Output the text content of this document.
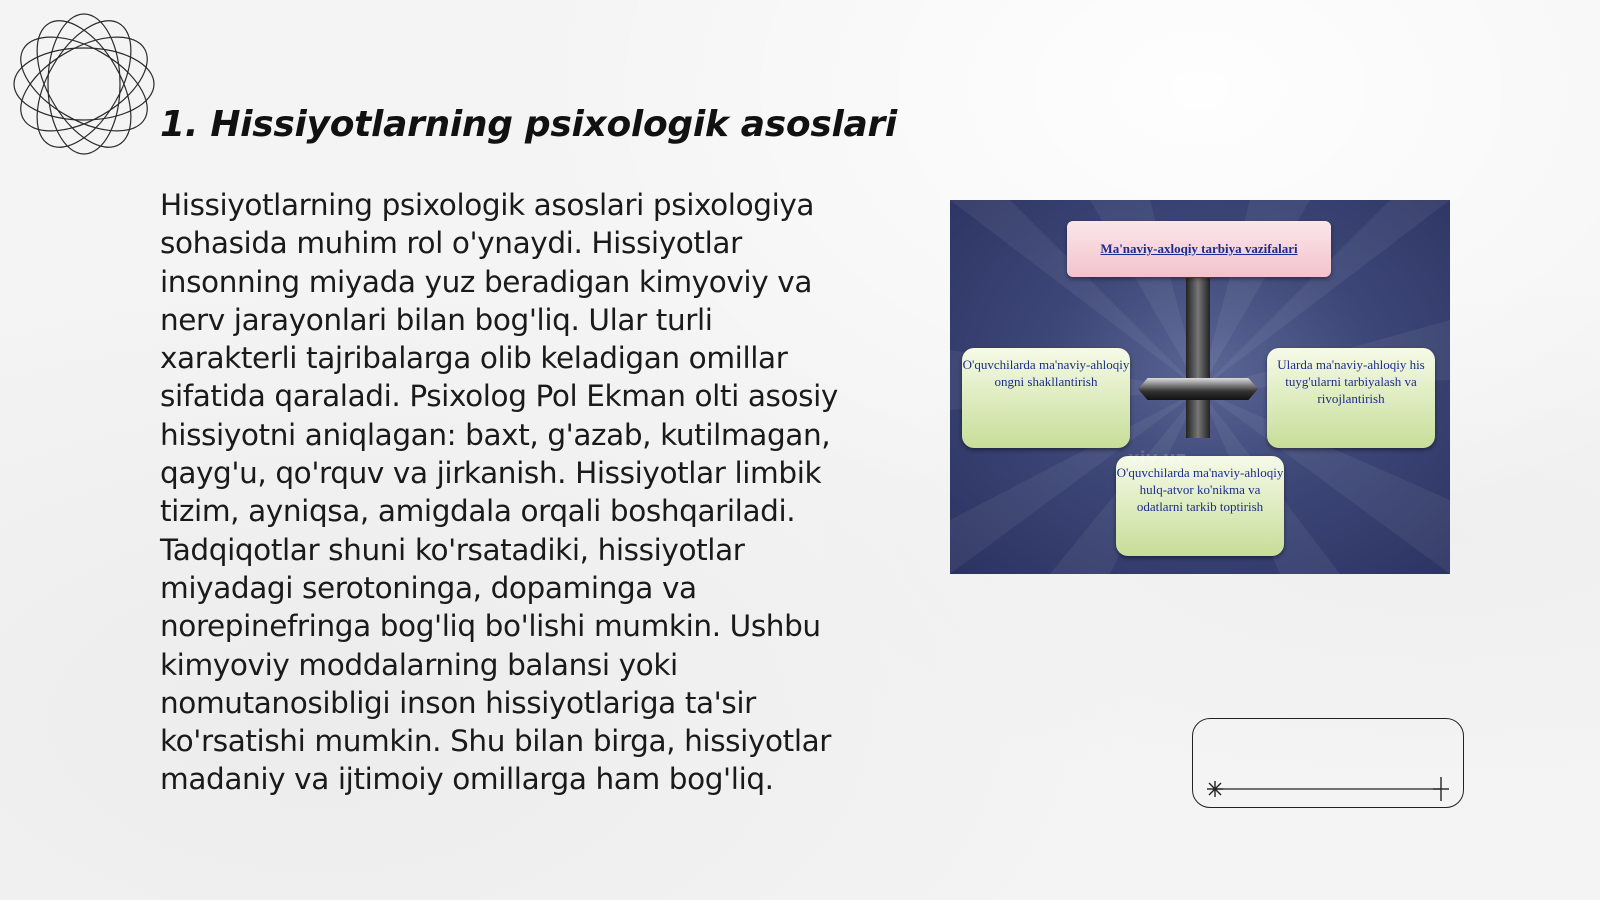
1. Hissiyotlarning psixologik asoslari

Hissiyotlarning psixologik asoslari psixologiya sohasida muhim rol o'ynaydi. Hissiyotlar insonning miyada yuz beradigan kimyoviy va nerv jarayonlari bilan bog'liq. Ular turli xarakterli tajribalarga olib keladigan omillar sifatida qaraladi. Psixolog Pol Ekman olti asosiy hissiyotni aniqlagan: baxt, g'azab, kutilmagan, qayg'u, qo'rquv va jirkanish. Hissiyotlar limbik tizim, ayniqsa, amigdala orqali boshqariladi. Tadqiqotlar shuni ko'rsatadiki, hissiyotlar miyadagi serotoninga, dopaminga va norepinefringa bog'liq bo'lishi mumkin. Ushbu kimyoviy moddalarning balansi yoki nomutanosibligi inson hissiyotlariga ta'sir ko'rsatishi mumkin. Shu bilan birga, hissiyotlar madaniy va ijtimoiy omillarga ham bog'liq.

Ma'naviy-axloqiy tarbiya vazifalari
O'quvchilarda ma'naviy-ahloqiy ongni shakllantirish
Ularda ma'naviy-ahloqiy his tuyg'ularni tarbiyalash va rivojlantirish
O'quvchilarda ma'naviy-ahloqiy hulq-atvor ko'nikma va odatlarni tarkib toptirish
xiv.uz
